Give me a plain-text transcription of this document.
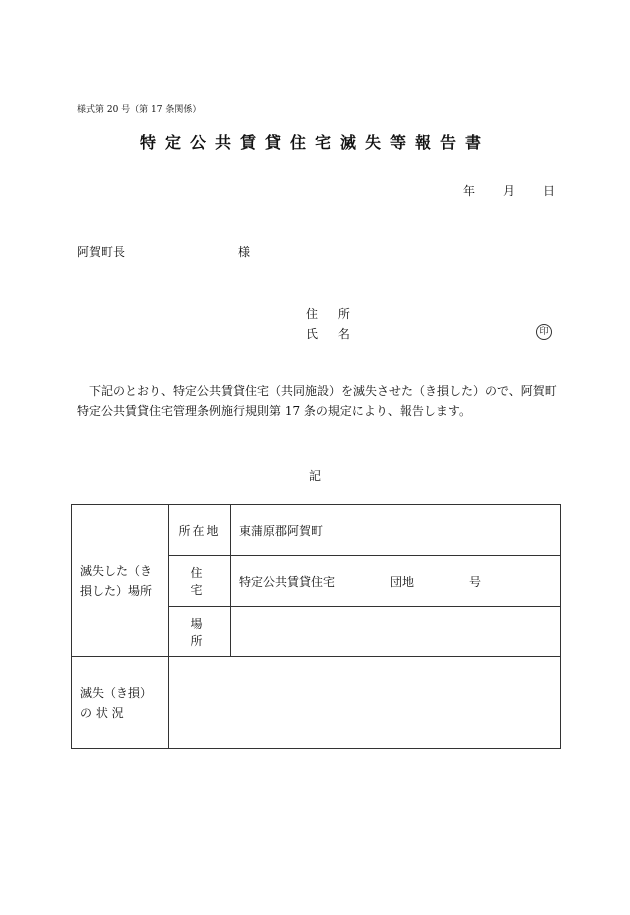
様式第 20 号（第 17 条関係）
特定公共賃貸住宅滅失等報告書
年 月 日
阿賀町長	様
住 所
氏 名	印
下記のとおり、特定公共賃貸住宅（共同施設）を滅失させた（き損した）ので、阿賀町特定公共賃貸住宅管理条例施行規則第 17 条の規定により、報告します。
記
滅失した（き
損した）場所	所在地	東蒲原郡阿賀町
	住 宅	特定公共賃貸住宅 団地 号
	場 所	

滅失（き損）
の 状 況		
